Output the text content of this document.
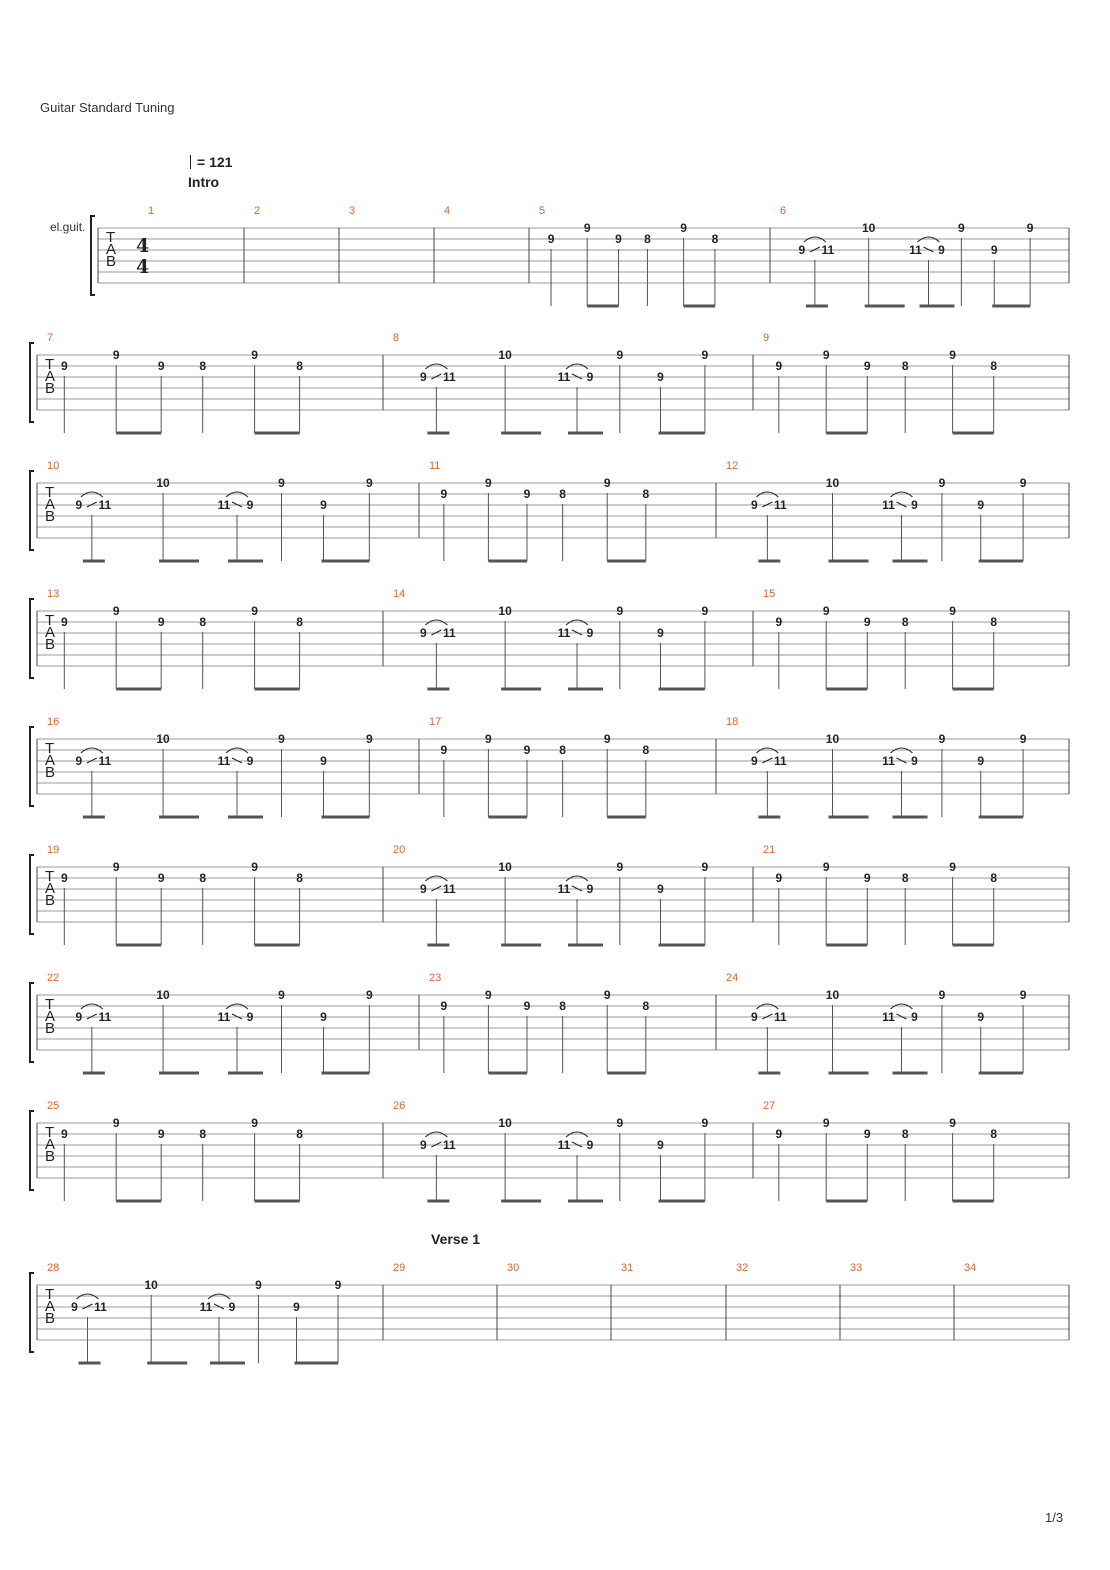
Guitar Standard Tuning
= 121
Intro
Verse 1
el.guit.
1/3
T
A
B
4
4
1	2	3	4	5
9
9
9 8
9
8
6
9 11
10
11 9
9
9
9
T
A
B
7
9
9
9	8
9
8
8
9 11
10
11 9
9
9
9
9
9
9
9	8
9
8
T
A
B
10
9 11
10
11 9
9
9
9
11
9
9
9 8
9
8
12
9 11
10
11 9
9
9
9
T
A
B
13
9
9
9	8
9
8
14
9 11
10
11 9
9
9
9
15
9
9
9	8
9
8
T
A
B
16
9 11
10
11 9
9
9
9
17
9
9
9 8
9
8
18
9 11
10
11 9
9
9
9
T
A
B
19
9
9
9	8
9
8
20
9 11
10
11 9
9
9
9
21
9
9
9	8
9
8
T
A
B
22
9 11
10
11 9
9
9
9
23
9
9
9 8
9
8
24
9 11
10
11 9
9
9
9
T
A
B
25
9
9
9	8
9
8
26
9 11
10
11 9
9
9
9
27
9
9
9	8
9
8
T
A
B
28
9 11
10
11 9
9
9
9
29	30	31	32	33	34
